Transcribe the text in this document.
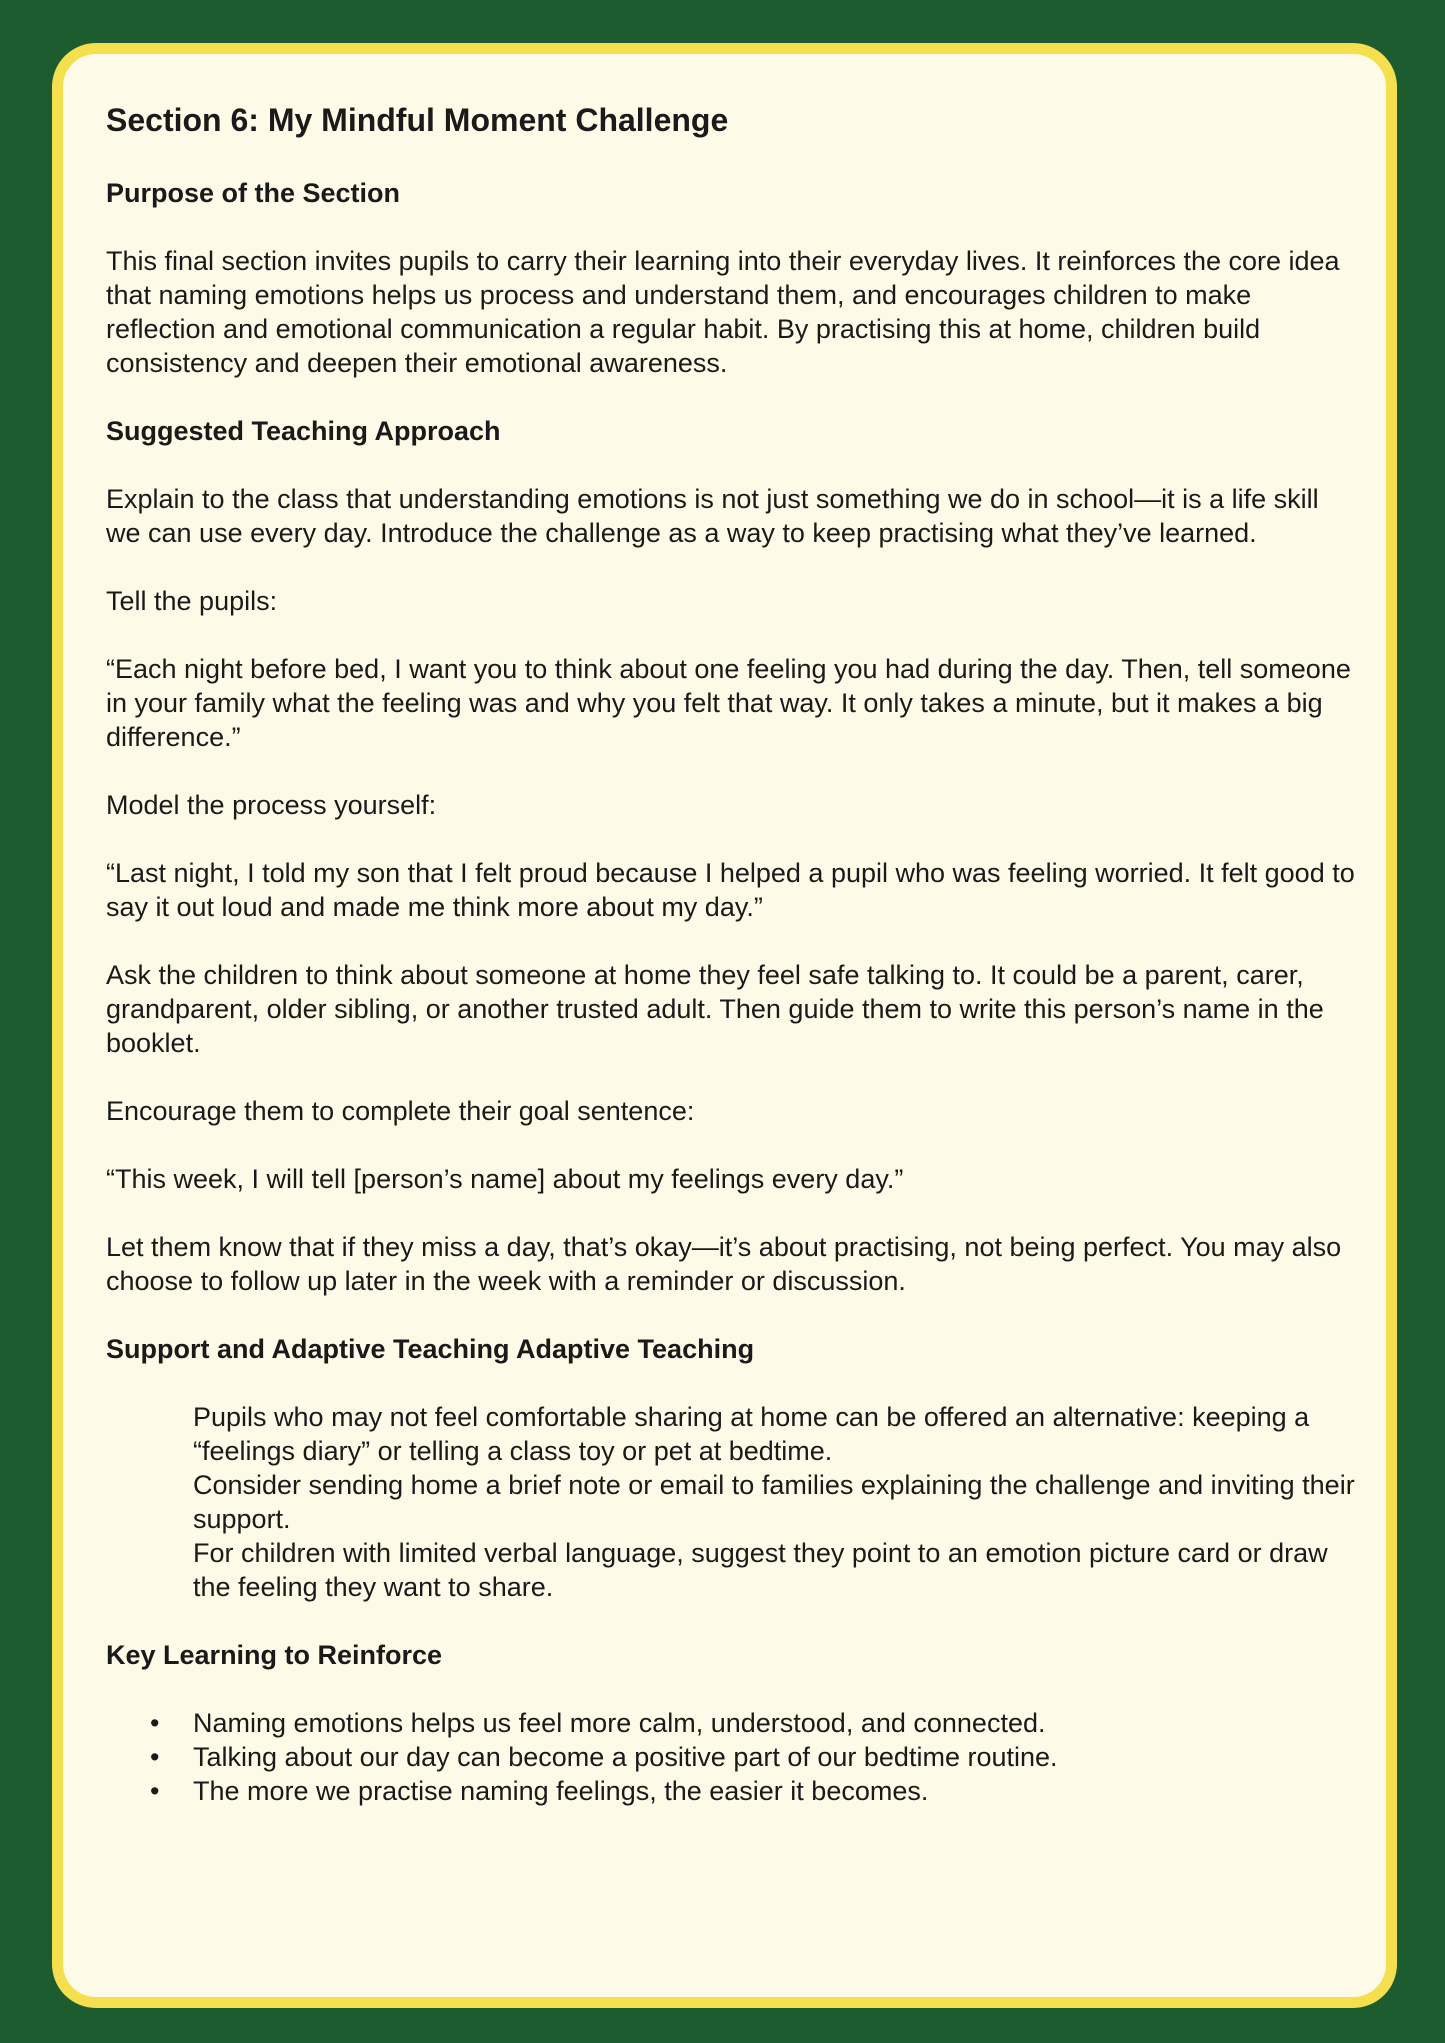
Section 6: My Mindful Moment Challenge
Purpose of the Section

This final section invites pupils to carry their learning into their everyday lives. It reinforces the core idea that naming emotions helps us process and understand them, and encourages children to make reflection and emotional communication a regular habit. By practising this at home, children build consistency and deepen their emotional awareness.

Suggested Teaching Approach

Explain to the class that understanding emotions is not just something we do in school—it is a life skill we can use every day. Introduce the challenge as a way to keep practising what they’ve learned.

Tell the pupils:

“Each night before bed, I want you to think about one feeling you had during the day. Then, tell someone in your family what the feeling was and why you felt that way. It only takes a minute, but it makes a big difference.”

Model the process yourself:

“Last night, I told my son that I felt proud because I helped a pupil who was feeling worried. It felt good to say it out loud and made me think more about my day.”

Ask the children to think about someone at home they feel safe talking to. It could be a parent, carer, grandparent, older sibling, or another trusted adult. Then guide them to write this person’s name in the booklet.

Encourage them to complete their goal sentence:

“This week, I will tell [person’s name] about my feelings every day.”

Let them know that if they miss a day, that’s okay—it’s about practising, not being perfect. You may also choose to follow up later in the week with a reminder or discussion.

Support and Adaptive Teaching Adaptive Teaching

Pupils who may not feel comfortable sharing at home can be offered an alternative: keeping a “feelings diary” or telling a class toy or pet at bedtime.

Consider sending home a brief note or email to families explaining the challenge and inviting their support.

For children with limited verbal language, suggest they point to an emotion picture card or draw the feeling they want to share.

Key Learning to Reinforce
• Naming emotions helps us feel more calm, understood, and connected.
• Talking about our day can become a positive part of our bedtime routine.
• The more we practise naming feelings, the easier it becomes.
